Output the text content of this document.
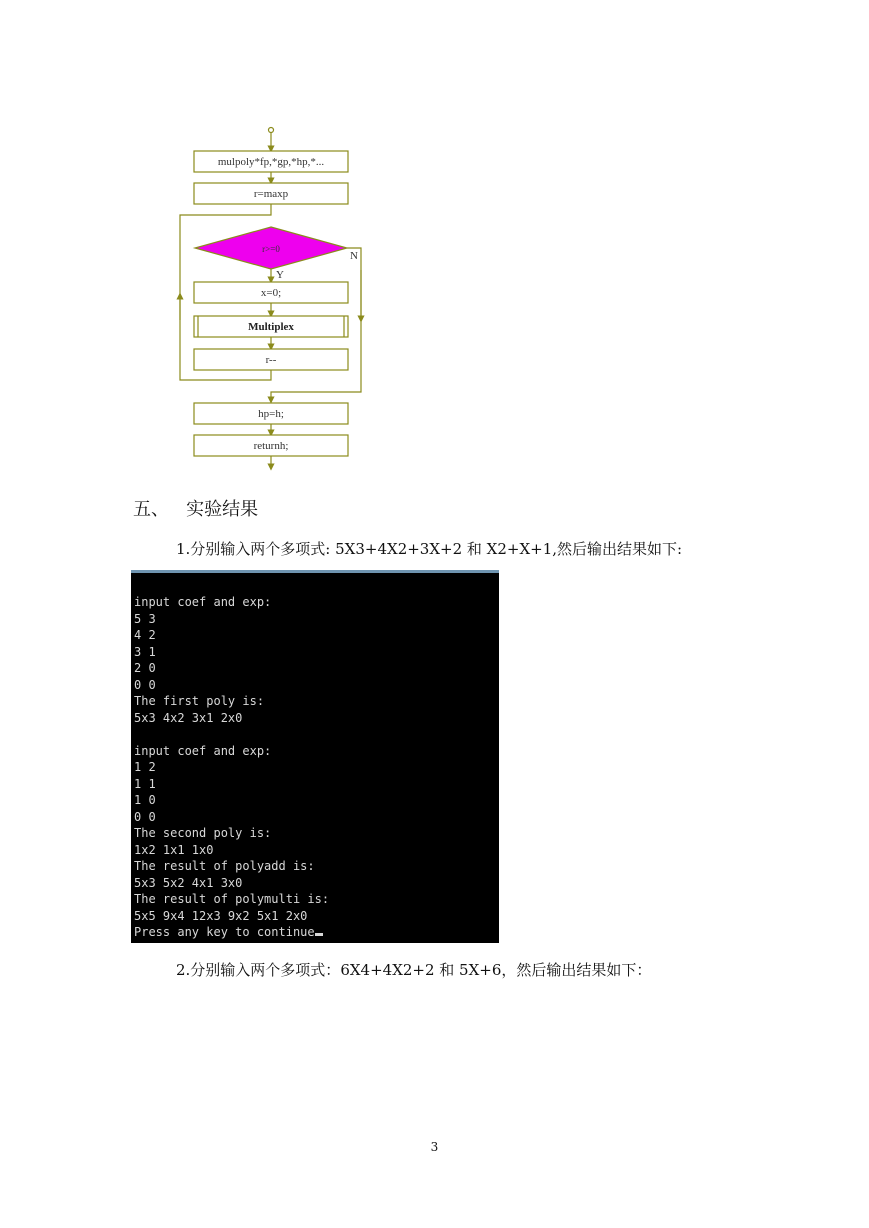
mulpoly*fp,*gp,*hp,*...
r=maxp
r>=0
Y
N
x=0;
Multiplex
r--
hp=h;
returnh;
五、 实验结果
1.分别输入两个多项式: 5X3+4X2+3X+2 和 X2+X+1,然后输出结果如下:
input coef and exp:
5 3
4 2
3 1
2 0
0 0
The first poly is:
5x3 4x2 3x1 2x0
input coef and exp:
1 2
1 1
1 0
0 0
The second poly is:
1x2 1x1 1x0
The result of polyadd is:
5x3 5x2 4x1 3x0
The result of polymulti is:
5x5 9x4 12x3 9x2 5x1 2x0
Press any key to continue
2.分别输入两个多项式：6X4+4X2+2 和 5X+6，然后输出结果如下：
3
